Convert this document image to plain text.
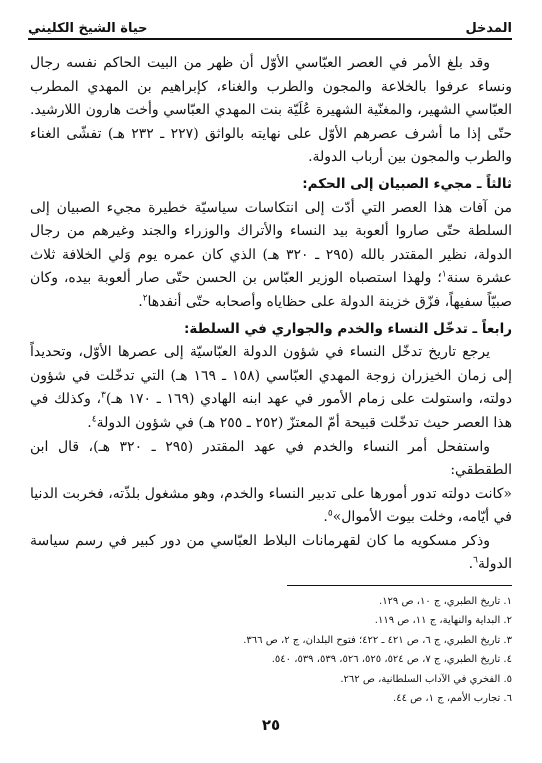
المدخل
حياة الشيخ الكليني

وقد بلغ الأمر في العصر العبّاسي الأوّل أن ظهر من البيت الحاكم نفسه رجال ونساء عرفوا بالخلاعة والمجون والطرب والغناء، كإبراهيم بن المهدي المطرب العبّاسي الشهير، والمغنّية الشهيرة عُلَيّة بنت المهدي العبّاسي وأخت هارون اللارشيد. حتّى إذا ما أشرف عصرهم الأوّل على نهايته بالواثق (٢٢٧ ـ ٢٣٢ هـ) تفشّى الغناء والطرب والمجون بين أرباب الدولة.

ثالثاً ـ مجيء الصبيان إلى الحكم:

من آفات هذا العصر التي أدّت إلى انتكاسات سياسيّة خطيرة مجيء الصبيان إلى السلطة حتّى صاروا ألعوبة بيد النساء والأتراك والوزراء والجند وغيرهم من رجال الدولة، نظير المقتدر بالله (٢٩٥ ـ ٣٢٠ هـ) الذي كان عمره يوم وَلي الخلافة ثلاث عشرة سنة$^١$؛ ولهذا استصباه الوزير العبّاس بن الحسن حتّى صار ألعوبة بيده، وكان صبيّاً سفيهاً، فزّق خزينة الدولة على حظاياه وأصحابه حتّى أنفدها$^٢$.

رابعاً ـ تدخّل النساء والخدم والجواري في السلطة:

يرجع تاريخ تدخّل النساء في شؤون الدولة العبّاسيّة إلى عصرها الأوّل، وتحديداً إلى زمان الخيزران زوجة المهدي العبّاسي (١٥٨ ـ ١٦٩ هـ) التي تدخّلت في شؤون دولته، واستولت على زمام الأمور في عهد ابنه الهادي (١٦٩ ـ ١٧٠ هـ)$^٣$، وكذلك في هذا العصر حيث تدخّلت قبيحة أمّ المعتزّ (٢٥٢ ـ ٢٥٥ هـ) في شؤون الدولة$^٤$.

واستفحل أمر النساء والخدم في عهد المقتدر (٢٩٥ ـ ٣٢٠ هـ)، قال ابن الطقطقي:

«كانت دولته تدور أمورها على تدبير النساء والخدم، وهو مشغول بلذّته، فخربت الدنيا في أيّامه، وخلت بيوت الأموال»$^٥$.

وذكر مسكويه ما كان لقهرمانات البلاط العبّاسي من دور كبير في رسم سياسة الدولة$^٦$.

١. تاريخ الطبري، ج ١٠، ص ١٢٩.

٢. البداية والنهاية، ج ١١، ص ١١٩.

٣. تاريخ الطبري، ج ٦، ص ٤٢١ ـ ٤٢٢؛ فتوح البلدان، ج ٢، ص ٣٦٦.

٤. تاريخ الطبري، ج ٧، ص ٥٢٤، ٥٢٥، ٥٢٦، ٥٣٩، ٥٣٩، ٥٤٠.

٥. الفخري في الآداب السلطانية، ص ٢٦٢.

٦. تجارب الأمم، ج ١، ص ٤٤.

٢٥
